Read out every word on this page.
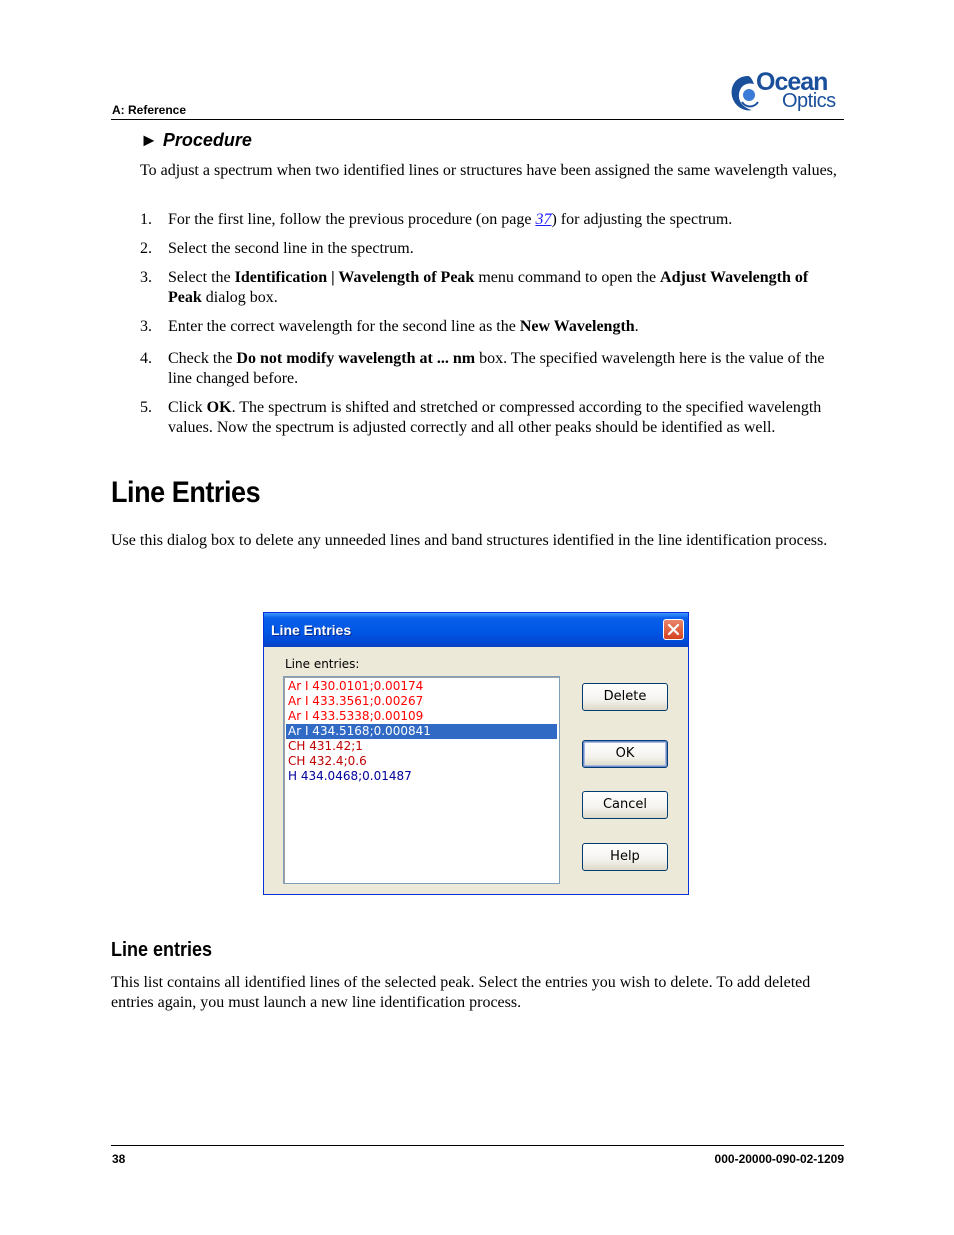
A: Reference
Ocean
Optics
► Procedure
To adjust a spectrum when two identified lines or structures have been assigned the same wavelength values,
1. For the first line, follow the previous procedure (on page 37) for adjusting the spectrum.
2. Select the second line in the spectrum.
3. Select the Identification | Wavelength of Peak menu command to open the Adjust Wavelength of Peak dialog box.
3. Enter the correct wavelength for the second line as the New Wavelength.
4. Check the Do not modify wavelength at ... nm box. The specified wavelength here is the value of the line changed before.
5. Click OK. The spectrum is shifted and stretched or compressed according to the specified wavelength values. Now the spectrum is adjusted correctly and all other peaks should be identified as well.
Line Entries
Use this dialog box to delete any unneeded lines and band structures identified in the line identification process.
Line Entries
Line entries:
Ar I 430.0101;0.00174
Ar I 433.3561;0.00267
Ar I 433.5338;0.00109
Ar I 434.5168;0.000841
CH 431.42;1
CH 432.4;0.6
H 434.0468;0.01487
Delete
OK
Cancel
Help
Line entries
This list contains all identified lines of the selected peak. Select the entries you wish to delete. To add deleted entries again, you must launch a new line identification process.
38	000-20000-090-02-1209
